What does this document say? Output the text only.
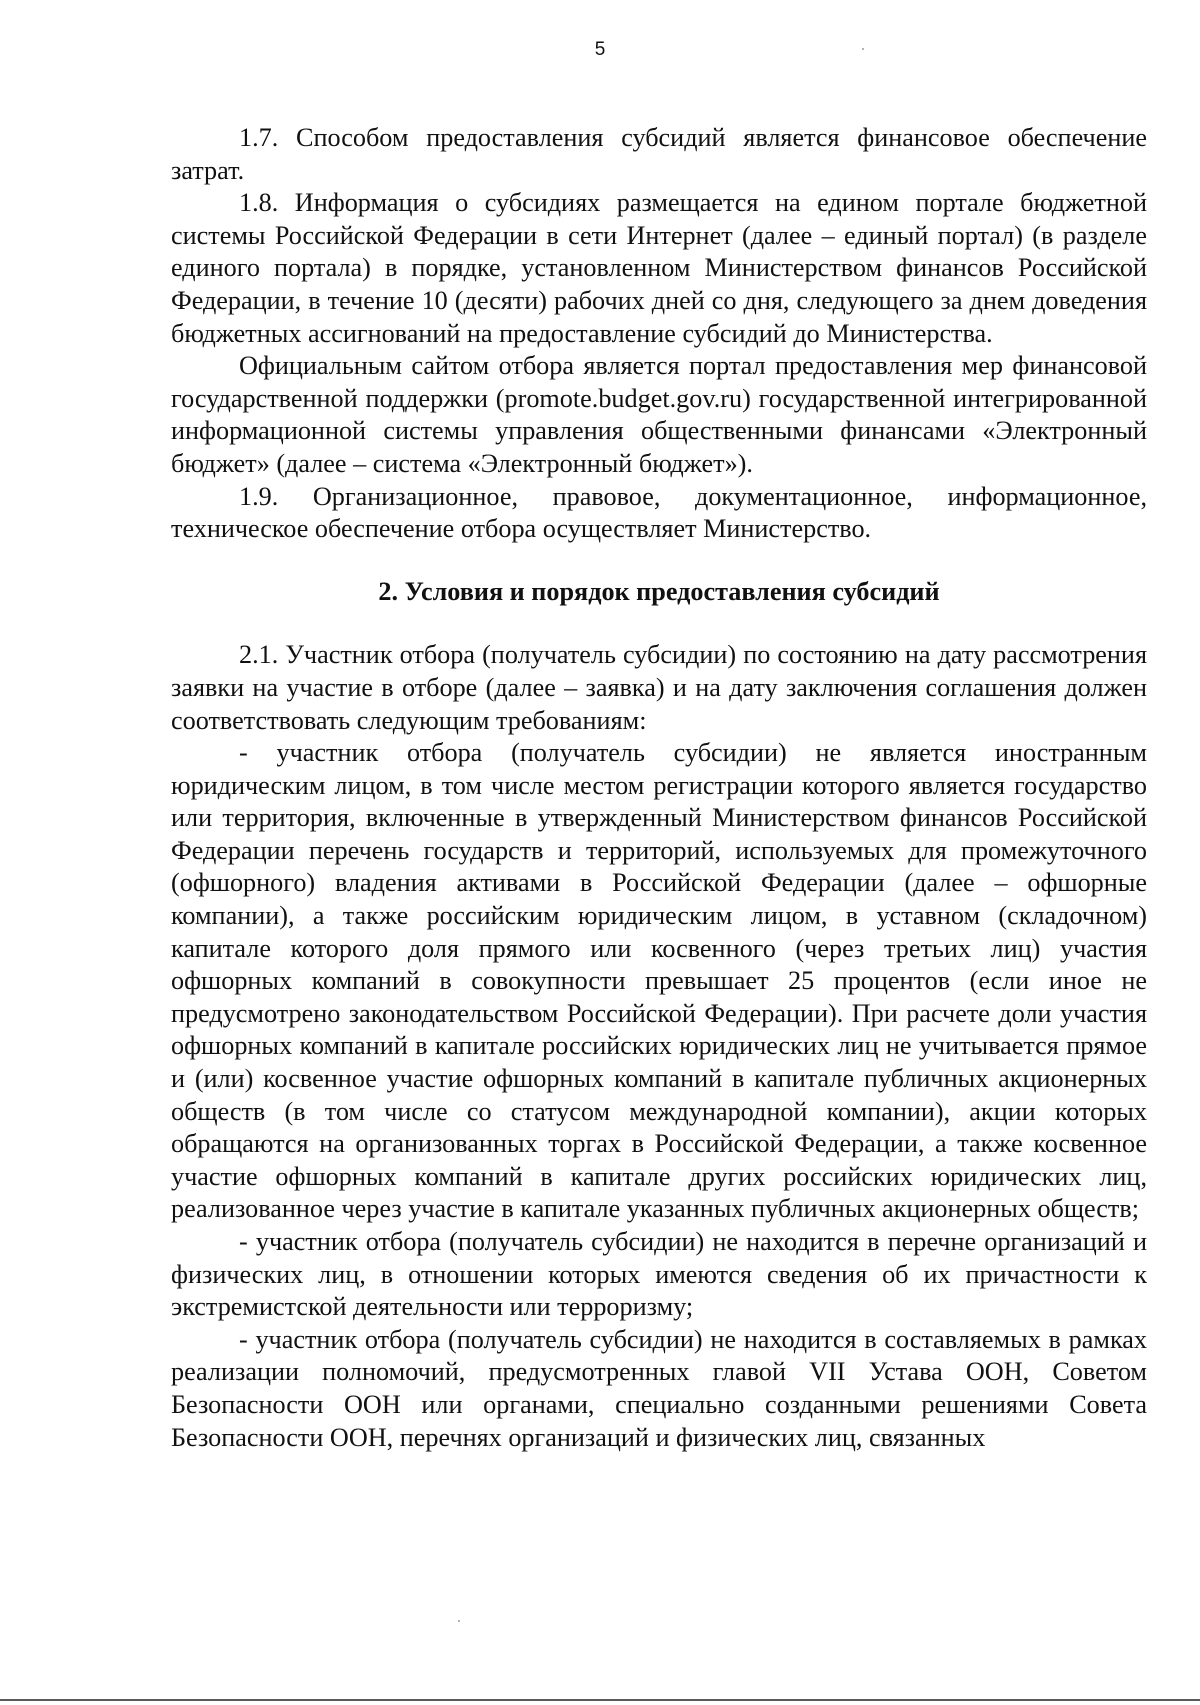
5

1.7. Способом предоставления субсидий является финансовое обеспечение затрат.

1.8. Информация о субсидиях размещается на едином портале бюджетной системы Российской Федерации в сети Интернет (далее – единый портал) (в разделе единого портала) в порядке, установленном Министерством финансов Российской Федерации, в течение 10 (десяти) рабочих дней со дня, следующего за днем доведения бюджетных ассигнований на предоставление субсидий до Министерства.

Официальным сайтом отбора является портал предоставления мер финансовой государственной поддержки (promote.budget.gov.ru) государственной интегрированной информационной системы управления общественными финансами «Электронный бюджет» (далее – система «Электронный бюджет»).

1.9. Организационное, правовое, документационное, информационное, техническое обеспечение отбора осуществляет Министерство.

2. Условия и порядок предоставления субсидий

2.1. Участник отбора (получатель субсидии) по состоянию на дату рассмотрения заявки на участие в отборе (далее – заявка) и на дату заключения соглашения должен соответствовать следующим требованиям:

- участник отбора (получатель субсидии) не является иностранным юридическим лицом, в том числе местом регистрации которого является государство или территория, включенные в утвержденный Министерством финансов Российской Федерации перечень государств и территорий, используемых для промежуточного (офшорного) владения активами в Российской Федерации (далее – офшорные компании), а также российским юридическим лицом, в уставном (складочном) капитале которого доля прямого или косвенного (через третьих лиц) участия офшорных компаний в совокупности превышает 25 процентов (если иное не предусмотрено законодательством Российской Федерации). При расчете доли участия офшорных компаний в капитале российских юридических лиц не учитывается прямое и (или) косвенное участие офшорных компаний в капитале публичных акционерных обществ (в том числе со статусом международной компании), акции которых обращаются на организованных торгах в Российской Федерации, а также косвенное участие офшорных компаний в капитале других российских юридических лиц, реализованное через участие в капитале указанных публичных акционерных обществ;

- участник отбора (получатель субсидии) не находится в перечне организаций и физических лиц, в отношении которых имеются сведения об их причастности к экстремистской деятельности или терроризму;

- участник отбора (получатель субсидии) не находится в составляемых в рамках реализации полномочий, предусмотренных главой VII Устава ООН, Советом Безопасности ООН или органами, специально созданными решениями Совета Безопасности ООН, перечнях организаций и физических лиц, связанных
